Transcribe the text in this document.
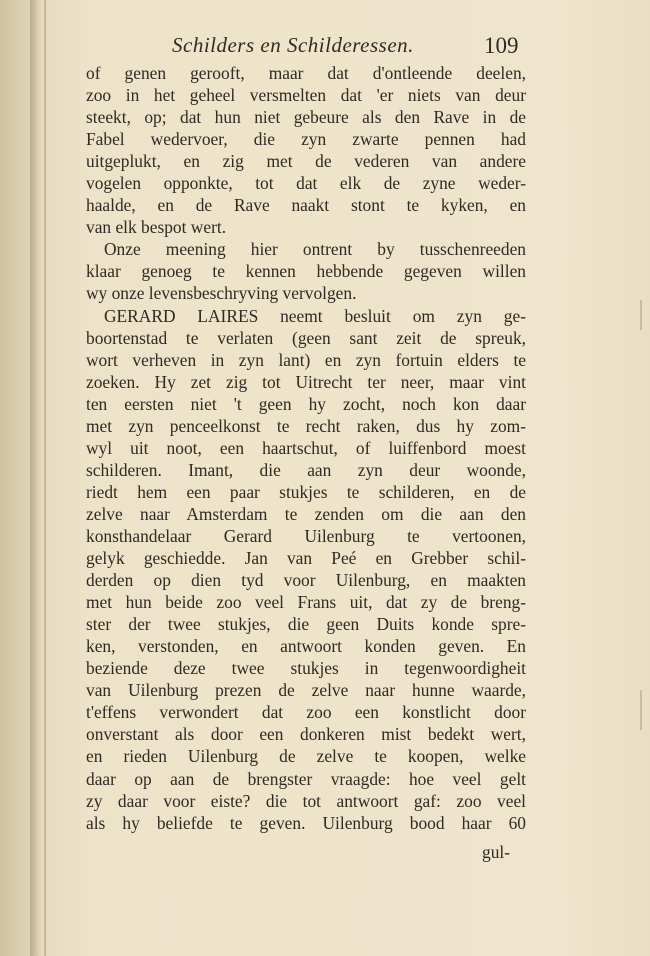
Schilders en Schilderessen.	109
of genen gerooft, maar dat d'ontleende deelen,
zoo in het geheel versmelten dat 'er niets van deur
steekt, op; dat hun niet gebeure als den Rave in de
Fabel wedervoer, die zyn zwarte pennen had
uitgeplukt, en zig met de vederen van andere
vogelen opponkte, tot dat elk de zyne weder-
haalde, en de Rave naakt stont te kyken, en
van elk bespot wert.
Onze meening hier ontrent by tusschenreeden
klaar genoeg te kennen hebbende gegeven willen
wy onze levensbeschryving vervolgen.
GERARD LAIRES neemt besluit om zyn ge-
boortenstad te verlaten (geen sant zeit de spreuk,
wort verheven in zyn lant) en zyn fortuin elders te
zoeken. Hy zet zig tot Uitrecht ter neer, maar vint
ten eersten niet 't geen hy zocht, noch kon daar
met zyn penceelkonst te recht raken, dus hy zom-
wyl uit noot, een haartschut, of luiffenbord moest
schilderen. Imant, die aan zyn deur woonde,
riedt hem een paar stukjes te schilderen, en de
zelve naar Amsterdam te zenden om die aan den
konsthandelaar Gerard Uilenburg te vertoonen,
gelyk geschiedde. Jan van Peé en Grebber schil-
derden op dien tyd voor Uilenburg, en maakten
met hun beide zoo veel Frans uit, dat zy de breng-
ster der twee stukjes, die geen Duits konde spre-
ken, verstonden, en antwoort konden geven. En
beziende deze twee stukjes in tegenwoordigheit
van Uilenburg prezen de zelve naar hunne waarde,
t'effens verwondert dat zoo een konstlicht door
onverstant als door een donkeren mist bedekt wert,
en rieden Uilenburg de zelve te koopen, welke
daar op aan de brengster vraagde: hoe veel gelt
zy daar voor eiste? die tot antwoort gaf: zoo veel
als hy beliefde te geven. Uilenburg bood haar 60
gul-
